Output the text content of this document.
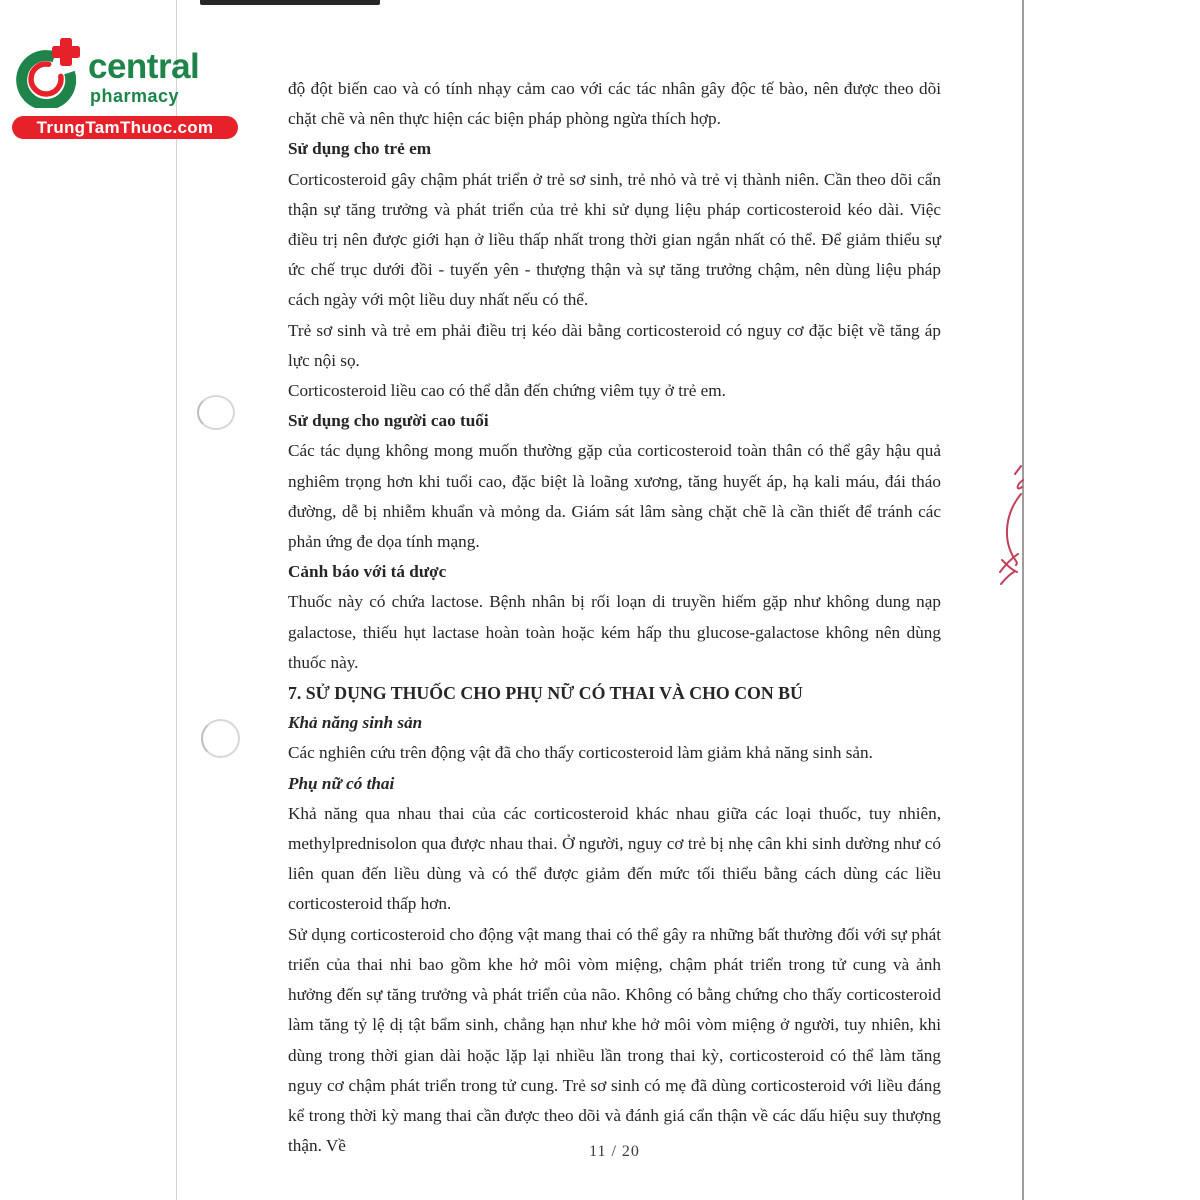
central
pharmacy
TrungTamThuoc.com

độ đột biến cao và có tính nhạy cảm cao với các tác nhân gây độc tế bào, nên được theo dõi chặt chẽ và nên thực hiện các biện pháp phòng ngừa thích hợp.

Sử dụng cho trẻ em

Corticosteroid gây chậm phát triển ở trẻ sơ sinh, trẻ nhỏ và trẻ vị thành niên. Cần theo dõi cẩn thận sự tăng trưởng và phát triển của trẻ khi sử dụng liệu pháp corticosteroid kéo dài. Việc điều trị nên được giới hạn ở liều thấp nhất trong thời gian ngắn nhất có thể. Để giảm thiểu sự ức chế trục dưới đồi - tuyến yên - thượng thận và sự tăng trưởng chậm, nên dùng liệu pháp cách ngày với một liều duy nhất nếu có thể.

Trẻ sơ sinh và trẻ em phải điều trị kéo dài bằng corticosteroid có nguy cơ đặc biệt về tăng áp lực nội sọ.

Corticosteroid liều cao có thể dẫn đến chứng viêm tụy ở trẻ em.

Sử dụng cho người cao tuổi

Các tác dụng không mong muốn thường gặp của corticosteroid toàn thân có thể gây hậu quả nghiêm trọng hơn khi tuổi cao, đặc biệt là loãng xương, tăng huyết áp, hạ kali máu, đái tháo đường, dễ bị nhiễm khuẩn và mỏng da. Giám sát lâm sàng chặt chẽ là cần thiết để tránh các phản ứng đe dọa tính mạng.

Cảnh báo với tá dược

Thuốc này có chứa lactose. Bệnh nhân bị rối loạn di truyền hiếm gặp như không dung nạp galactose, thiếu hụt lactase hoàn toàn hoặc kém hấp thu glucose-galactose không nên dùng thuốc này.

7. SỬ DỤNG THUỐC CHO PHỤ NỮ CÓ THAI VÀ CHO CON BÚ

Khả năng sinh sản

Các nghiên cứu trên động vật đã cho thấy corticosteroid làm giảm khả năng sinh sản.

Phụ nữ có thai

Khả năng qua nhau thai của các corticosteroid khác nhau giữa các loại thuốc, tuy nhiên, methylprednisolon qua được nhau thai. Ở người, nguy cơ trẻ bị nhẹ cân khi sinh dường như có liên quan đến liều dùng và có thể được giảm đến mức tối thiểu bằng cách dùng các liều corticosteroid thấp hơn.

Sử dụng corticosteroid cho động vật mang thai có thể gây ra những bất thường đối với sự phát triển của thai nhi bao gồm khe hở môi vòm miệng, chậm phát triển trong tử cung và ảnh hưởng đến sự tăng trưởng và phát triển của não. Không có bằng chứng cho thấy corticosteroid làm tăng tỷ lệ dị tật bẩm sinh, chẳng hạn như khe hở môi vòm miệng ở người, tuy nhiên, khi dùng trong thời gian dài hoặc lặp lại nhiều lần trong thai kỳ, corticosteroid có thể làm tăng nguy cơ chậm phát triển trong tử cung. Trẻ sơ sinh có mẹ đã dùng corticosteroid với liều đáng kể trong thời kỳ mang thai cần được theo dõi và đánh giá cẩn thận về các dấu hiệu suy thượng thận. Về	11 / 20
